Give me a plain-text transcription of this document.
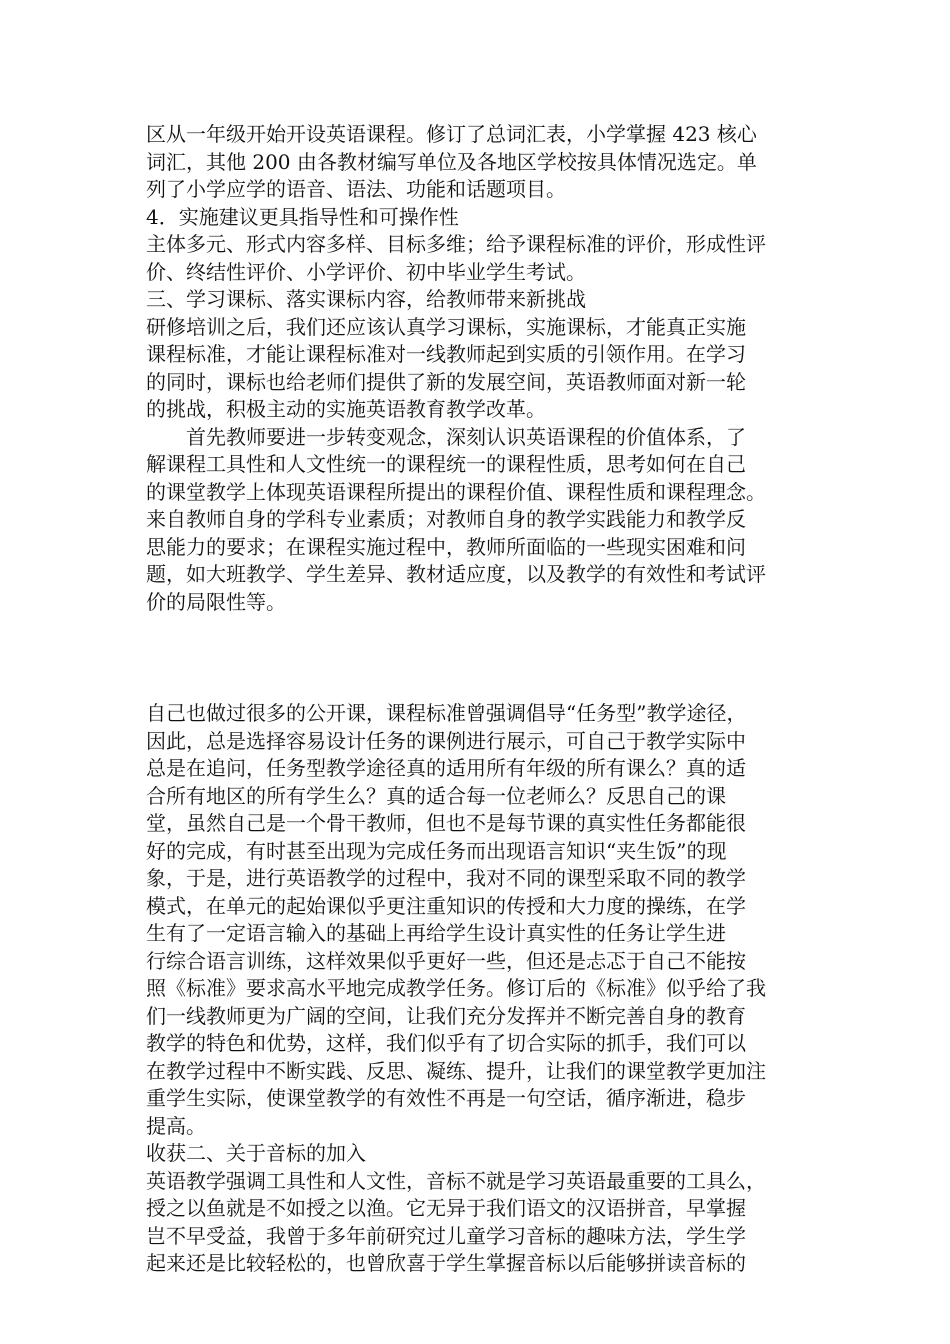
区从一年级开始开设英语课程。修订了总词汇表，小学掌握 423 核心
词汇，其他 200 由各教材编写单位及各地区学校按具体情况选定。单
列了小学应学的语音、语法、功能和话题项目。
4．实施建议更具指导性和可操作性
主体多元、形式内容多样、目标多维；给予课程标准的评价，形成性评
价、终结性评价、小学评价、初中毕业学生考试。
三、学习课标、落实课标内容，给教师带来新挑战
研修培训之后，我们还应该认真学习课标，实施课标，才能真正实施
课程标准，才能让课程标准对一线教师起到实质的引领作用。在学习
的同时，课标也给老师们提供了新的发展空间，英语教师面对新一轮
的挑战，积极主动的实施英语教育教学改革。
　　首先教师要进一步转变观念，深刻认识英语课程的价值体系，了
解课程工具性和人文性统一的课程统一的课程性质，思考如何在自己
的课堂教学上体现英语课程所提出的课程价值、课程性质和课程理念。
来自教师自身的学科专业素质；对教师自身的教学实践能力和教学反
思能力的要求；在课程实施过程中，教师所面临的一些现实困难和问
题，如大班教学、学生差异、教材适应度，以及教学的有效性和考试评
价的局限性等。
自己也做过很多的公开课，课程标准曾强调倡导“任务型”教学途径，
因此，总是选择容易设计任务的课例进行展示，可自己于教学实际中
总是在追问，任务型教学途径真的适用所有年级的所有课么？真的适
合所有地区的所有学生么？真的适合每一位老师么？反思自己的课
堂，虽然自己是一个骨干教师，但也不是每节课的真实性任务都能很
好的完成，有时甚至出现为完成任务而出现语言知识“夹生饭”的现
象，于是，进行英语教学的过程中，我对不同的课型采取不同的教学
模式，在单元的起始课似乎更注重知识的传授和大力度的操练，在学
生有了一定语言输入的基础上再给学生设计真实性的任务让学生进
行综合语言训练，这样效果似乎更好一些，但还是忐忑于自己不能按
照《标准》要求高水平地完成教学任务。修订后的《标准》似乎给了我
们一线教师更为广阔的空间，让我们充分发挥并不断完善自身的教育
教学的特色和优势，这样，我们似乎有了切合实际的抓手，我们可以
在教学过程中不断实践、反思、凝练、提升，让我们的课堂教学更加注
重学生实际，使课堂教学的有效性不再是一句空话，循序渐进，稳步
提高。
收获二、关于音标的加入
英语教学强调工具性和人文性，音标不就是学习英语最重要的工具么，
授之以鱼就是不如授之以渔。它无异于我们语文的汉语拼音，早掌握
岂不早受益，我曾于多年前研究过儿童学习音标的趣味方法，学生学
起来还是比较轻松的，也曾欣喜于学生掌握音标以后能够拼读音标的
